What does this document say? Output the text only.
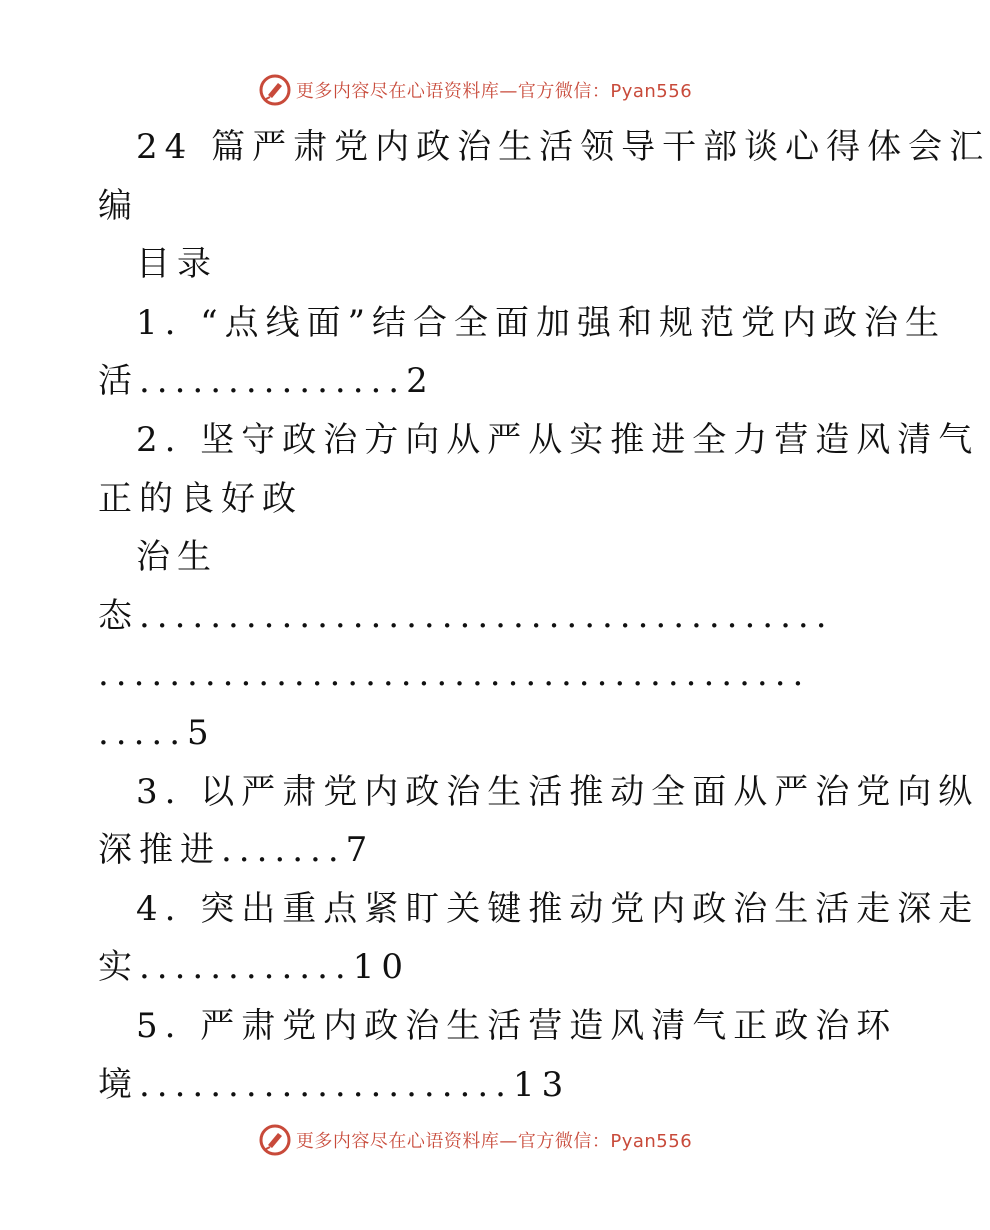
更多内容尽在心语资料库—官方微信：Pyan556
24 篇严肃党内政治生活领导干部谈心得体会汇
编
目录
1. “点线面”结合全面加强和规范党内政治生
活...............2
2. 坚守政治方向从严从实推进全力营造风清气
正的良好政
治生
态.......................................
........................................
.....5
3. 以严肃党内政治生活推动全面从严治党向纵
深推进.......7
4. 突出重点紧盯关键推动党内政治生活走深走
实............10
5. 严肃党内政治生活营造风清气正政治环
境.....................13
更多内容尽在心语资料库—官方微信：Pyan556
